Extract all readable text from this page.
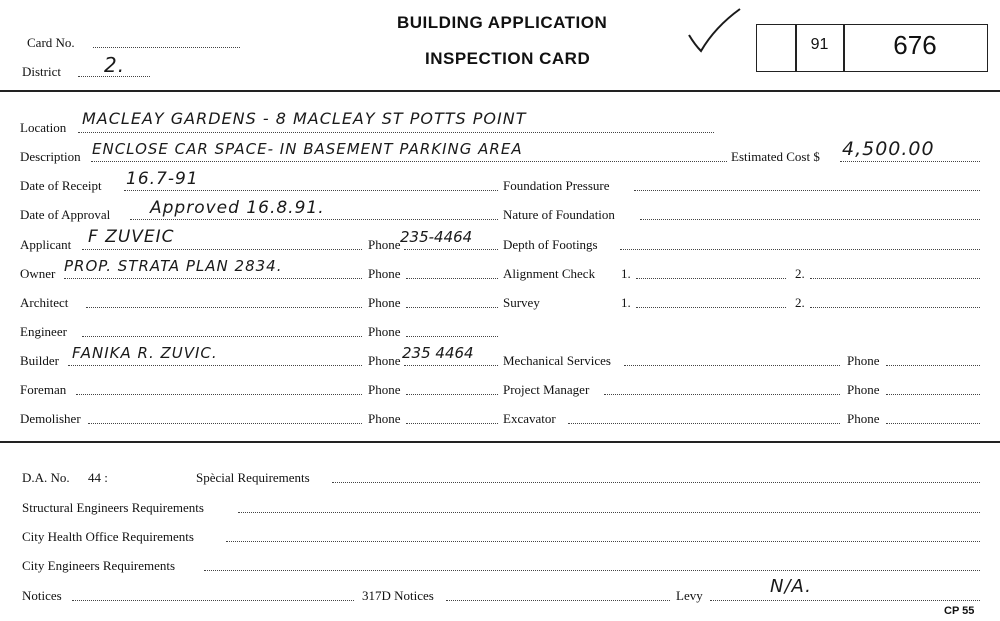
Card No.
District 2.
BUILDING APPLICATION
INSPECTION CARD
91	676
Location MACLEAY GARDENS - 8 MACLEAY ST POTTS POINT
Description ENCLOSE CAR SPACE- IN BASEMENT PARKING AREA	Estimated Cost $ 4,500.00
Date of Receipt 16.7-91
Date of Approval Approved 16.8.91.
Applicant F ZUVEIC	Phone 235-4464
Owner PROP. STRATA PLAN 2834.	Phone
Architect	Phone
Engineer	Phone
Builder FANIKA R. ZUVIC.	Phone 235 4464
Foreman	Phone
Demolisher	Phone
Foundation Pressure
Nature of Foundation
Depth of Footings
Alignment Check 1.	2.
Survey	1.	2.
Mechanical Services	Phone
Project Manager	Phone
Excavator	Phone
D.A. No. 44 :	Spècial Requirements
Structural Engineers Requirements
City Health Office Requirements
City Engineers Requirements
Notices	317D Notices	Levy	N/A.
CP 55
